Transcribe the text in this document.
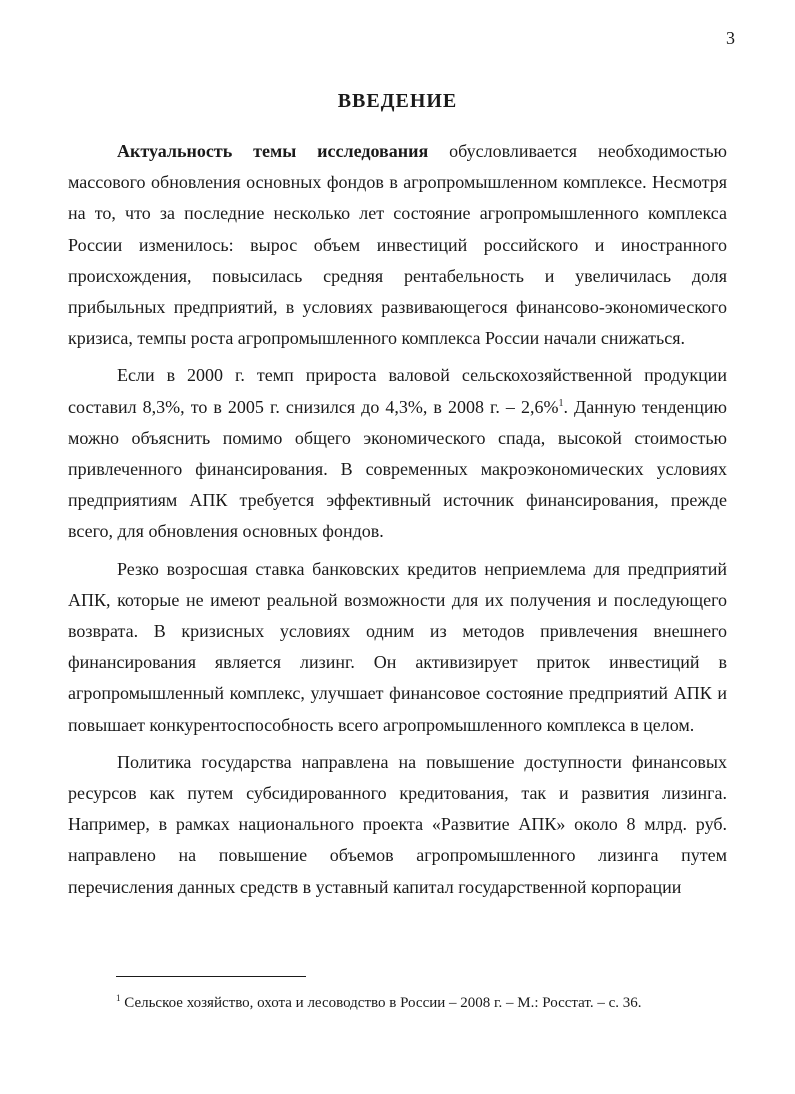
3
ВВЕДЕНИЕ

Актуальность темы исследования обусловливается необходимостью массового обновления основных фондов в агропромышленном комплексе. Несмотря на то, что за последние несколько лет состояние агропромышленного комплекса России изменилось: вырос объем инвестиций российского и иностранного происхождения, повысилась средняя рентабельность и увеличилась доля прибыльных предприятий, в условиях развивающегося финансово-экономического кризиса, темпы роста агропромышленного комплекса России начали снижаться.

Если в 2000 г. темп прироста валовой сельскохозяйственной продукции составил 8,3%, то в 2005 г. снизился до 4,3%, в 2008 г. – 2,6%$^1$. Данную тенденцию можно объяснить помимо общего экономического спада, высокой стоимостью привлеченного финансирования. В современных макроэкономических условиях предприятиям АПК требуется эффективный источник финансирования, прежде всего, для обновления основных фондов.

Резко возросшая ставка банковских кредитов неприемлема для предприятий АПК, которые не имеют реальной возможности для их получения и последующего возврата. В кризисных условиях одним из методов привлечения внешнего финансирования является лизинг. Он активизирует приток инвестиций в агропромышленный комплекс, улучшает финансовое состояние предприятий АПК и повышает конкурентоспособность всего агропромышленного комплекса в целом.

Политика государства направлена на повышение доступности финансовых ресурсов как путем субсидированного кредитования, так и развития лизинга. Например, в рамках национального проекта «Развитие АПК» около 8 млрд. руб. направлено на повышение объемов агропромышленного лизинга путем перечисления данных средств в уставный капитал государственной корпорации

$^1$ Сельское хозяйство, охота и лесоводство в России – 2008 г. – М.: Росстат. – с. 36.
